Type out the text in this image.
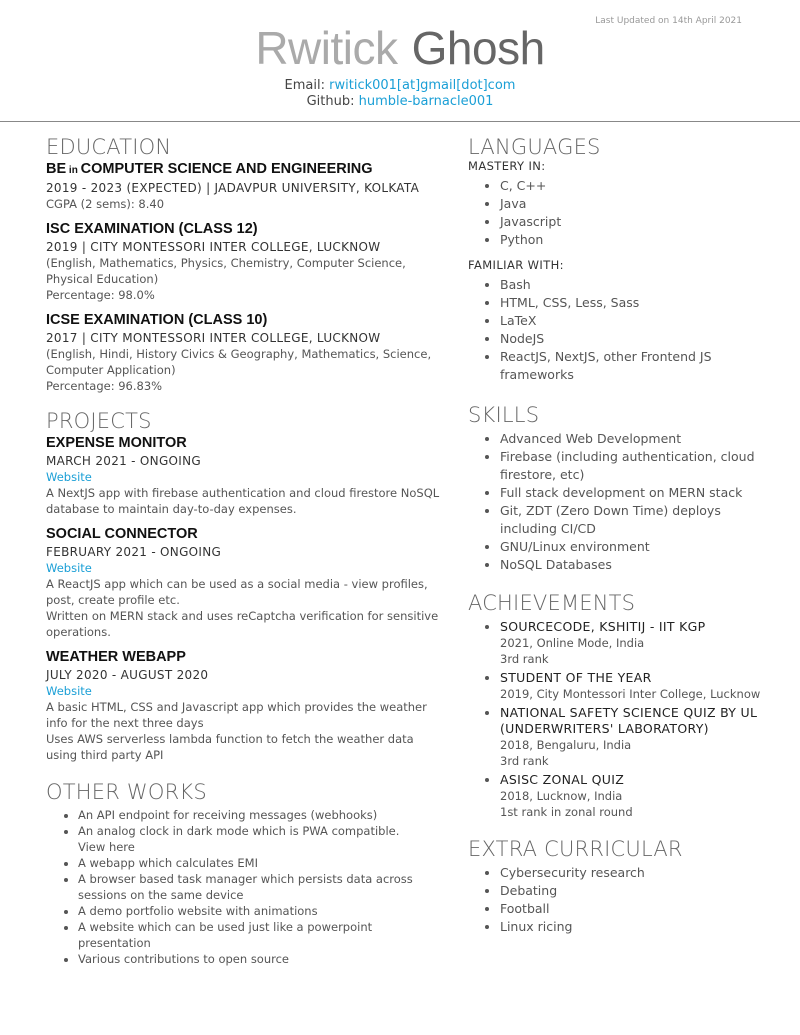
Last Updated on 14th April 2021
Rwitick Ghosh
Email: rwitick001[at]gmail[dot]com
Github: humble-barnacle001
EDUCATION
BE in COMPUTER SCIENCE AND ENGINEERING
2019 - 2023 (EXPECTED) | JADAVPUR UNIVERSITY, KOLKATA
CGPA (2 sems): 8.40
ISC EXAMINATION (CLASS 12)
2019 | CITY MONTESSORI INTER COLLEGE, LUCKNOW
(English, Mathematics, Physics, Chemistry, Computer Science, Physical Education)
Percentage: 98.0%
ICSE EXAMINATION (CLASS 10)
2017 | CITY MONTESSORI INTER COLLEGE, LUCKNOW
(English, Hindi, History Civics & Geography, Mathematics, Science, Computer Application)
Percentage: 96.83%
PROJECTS
EXPENSE MONITOR
MARCH 2021 - ONGOING
Website
A NextJS app with firebase authentication and cloud firestore NoSQL database to maintain day-to-day expenses.
SOCIAL CONNECTOR
FEBRUARY 2021 - ONGOING
Website
A ReactJS app which can be used as a social media - view profiles, post, create profile etc.
Written on MERN stack and uses reCaptcha verification for sensitive operations.
WEATHER WEBAPP
JULY 2020 - AUGUST 2020
Website
A basic HTML, CSS and Javascript app which provides the weather info for the next three days
Uses AWS serverless lambda function to fetch the weather data using third party API
OTHER WORKS
• An API endpoint for receiving messages (webhooks)
• An analog clock in dark mode which is PWA compatible.
View here
• A webapp which calculates EMI
• A browser based task manager which persists data across sessions on the same device
• A demo portfolio website with animations
• A website which can be used just like a powerpoint presentation
• Various contributions to open source
LANGUAGES
MASTERY IN:
• C, C++
• Java
• Javascript
• Python
FAMILIAR WITH:
• Bash
• HTML, CSS, Less, Sass
• LaTeX
• NodeJS
• ReactJS, NextJS, other Frontend JS frameworks
SKILLS
• Advanced Web Development
• Firebase (including authentication, cloud firestore, etc)
• Full stack development on MERN stack
• Git, ZDT (Zero Down Time) deploys including CI/CD
• GNU/Linux environment
• NoSQL Databases
ACHIEVEMENTS
• SOURCECODE, KSHITIJ - IIT KGP
2021, Online Mode, India
3rd rank
• STUDENT OF THE YEAR
2019, City Montessori Inter College, Lucknow
• NATIONAL SAFETY SCIENCE QUIZ BY UL (UNDERWRITERS' LABORATORY)
2018, Bengaluru, India
3rd rank
• ASISC ZONAL QUIZ
2018, Lucknow, India
1st rank in zonal round
EXTRA CURRICULAR
• Cybersecurity research
• Debating
• Football
• Linux ricing
